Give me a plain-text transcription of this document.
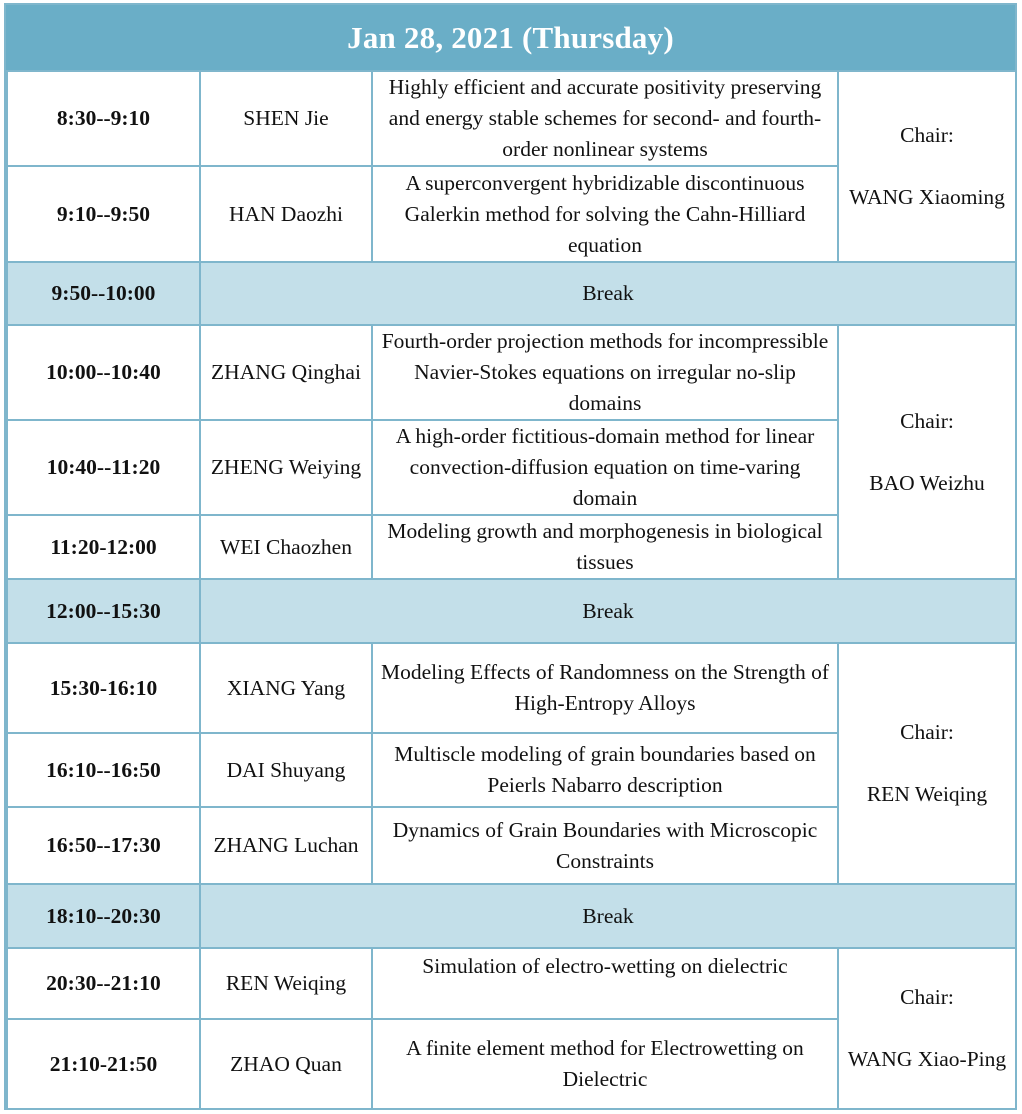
Jan 28, 2021 (Thursday)
8:30--9:10	SHEN Jie	Highly efficient and accurate positivity preserving and energy stable schemes for second- and fourth-order nonlinear systems	Chair:
WANG Xiaoming

9:10--9:50	HAN Daozhi	A superconvergent hybridizable discontinuous Galerkin method for solving the Cahn-Hilliard equation	
9:50--10:00	Break		
10:00--10:40	ZHANG Qinghai	Fourth-order projection methods for incompressible Navier-Stokes equations on irregular no-slip domains	Chair:
BAO Weizhu

10:40--11:20	ZHENG Weiying	A high-order fictitious-domain method for linear convection-diffusion equation on time-varing domain	
11:20-12:00	WEI Chaozhen	Modeling growth and morphogenesis in biological tissues	
12:00--15:30	Break		
15:30-16:10	XIANG Yang	Modeling Effects of Randomness on the Strength of High-Entropy Alloys	Chair:
REN Weiqing

16:10--16:50	DAI Shuyang	Multiscle modeling of grain boundaries based on Peierls Nabarro description	
16:50--17:30	ZHANG Luchan	Dynamics of Grain Boundaries with Microscopic Constraints	
18:10--20:30	Break		
20:30--21:10	REN Weiqing	Simulation of electro-wetting on dielectric	Chair:
WANG Xiao-Ping

21:10-21:50	ZHAO Quan	A finite element method for Electrowetting on Dielectric	
